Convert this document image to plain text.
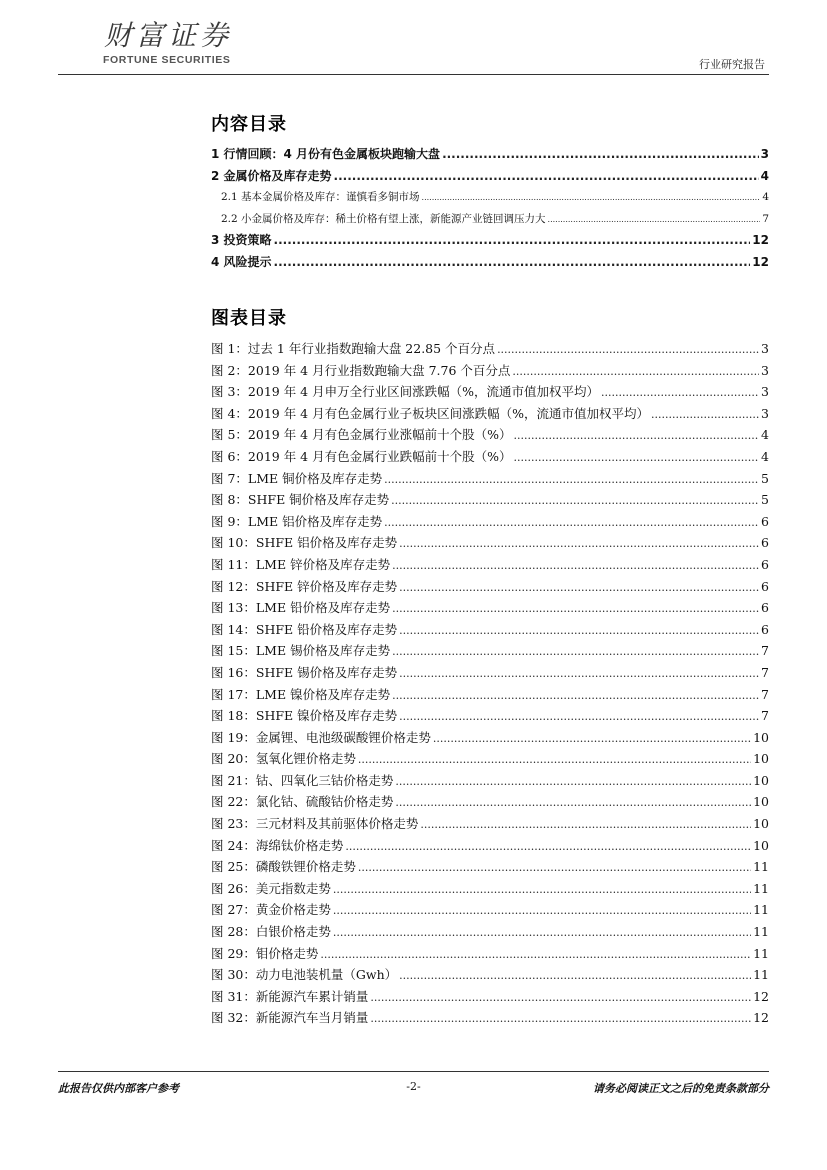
财富证券
FORTUNE SECURITIES	行业研究报告
内容目录
1 行情回顾：4 月份有色金属板块跑输大盘 .....	3
2 金属价格及库存走势 .....	4
2.1 基本金属价格及库存：谨慎看多铜市场 .....	4
2.2 小金属价格及库存：稀土价格有望上涨，新能源产业链回调压力大 .....	7
3 投资策略 .....	12
4 风险提示 .....	12
图表目录
图 1：过去 1 年行业指数跑输大盘 22.85 个百分点 .....	3
图 2：2019 年 4 月行业指数跑输大盘 7.76 个百分点 .....	3
图 3：2019 年 4 月申万全行业区间涨跌幅（%，流通市值加权平均） .....	3
图 4：2019 年 4 月有色金属行业子板块区间涨跌幅（%，流通市值加权平均） .....	3
图 5：2019 年 4 月有色金属行业涨幅前十个股（%） .....	4
图 6：2019 年 4 月有色金属行业跌幅前十个股（%） .....	4
图 7：LME 铜价格及库存走势 .....	5
图 8：SHFE 铜价格及库存走势 .....	5
图 9：LME 铝价格及库存走势 .....	6
图 10：SHFE 铝价格及库存走势 .....	6
图 11：LME 锌价格及库存走势 .....	6
图 12：SHFE 锌价格及库存走势 .....	6
图 13：LME 铅价格及库存走势 .....	6
图 14：SHFE 铅价格及库存走势 .....	6
图 15：LME 锡价格及库存走势 .....	7
图 16：SHFE 锡价格及库存走势 .....	7
图 17：LME 镍价格及库存走势 .....	7
图 18：SHFE 镍价格及库存走势 .....	7
图 19：金属锂、电池级碳酸锂价格走势 .....	10
图 20：氢氧化锂价格走势 .....	10
图 21：钴、四氧化三钴价格走势 .....	10
图 22：氯化钴、硫酸钴价格走势 .....	10
图 23：三元材料及其前驱体价格走势 .....	10
图 24：海绵钛价格走势 .....	10
图 25：磷酸铁锂价格走势 .....	11
图 26：美元指数走势 .....	11
图 27：黄金价格走势 .....	11
图 28：白银价格走势 .....	11
图 29：钼价格走势 .....	11
图 30：动力电池装机量（Gwh） .....	11
图 31：新能源汽车累计销量 .....	12
图 32：新能源汽车当月销量 .....	12
此报告仅供内部客户参考	-2-	请务必阅读正文之后的免责条款部分
